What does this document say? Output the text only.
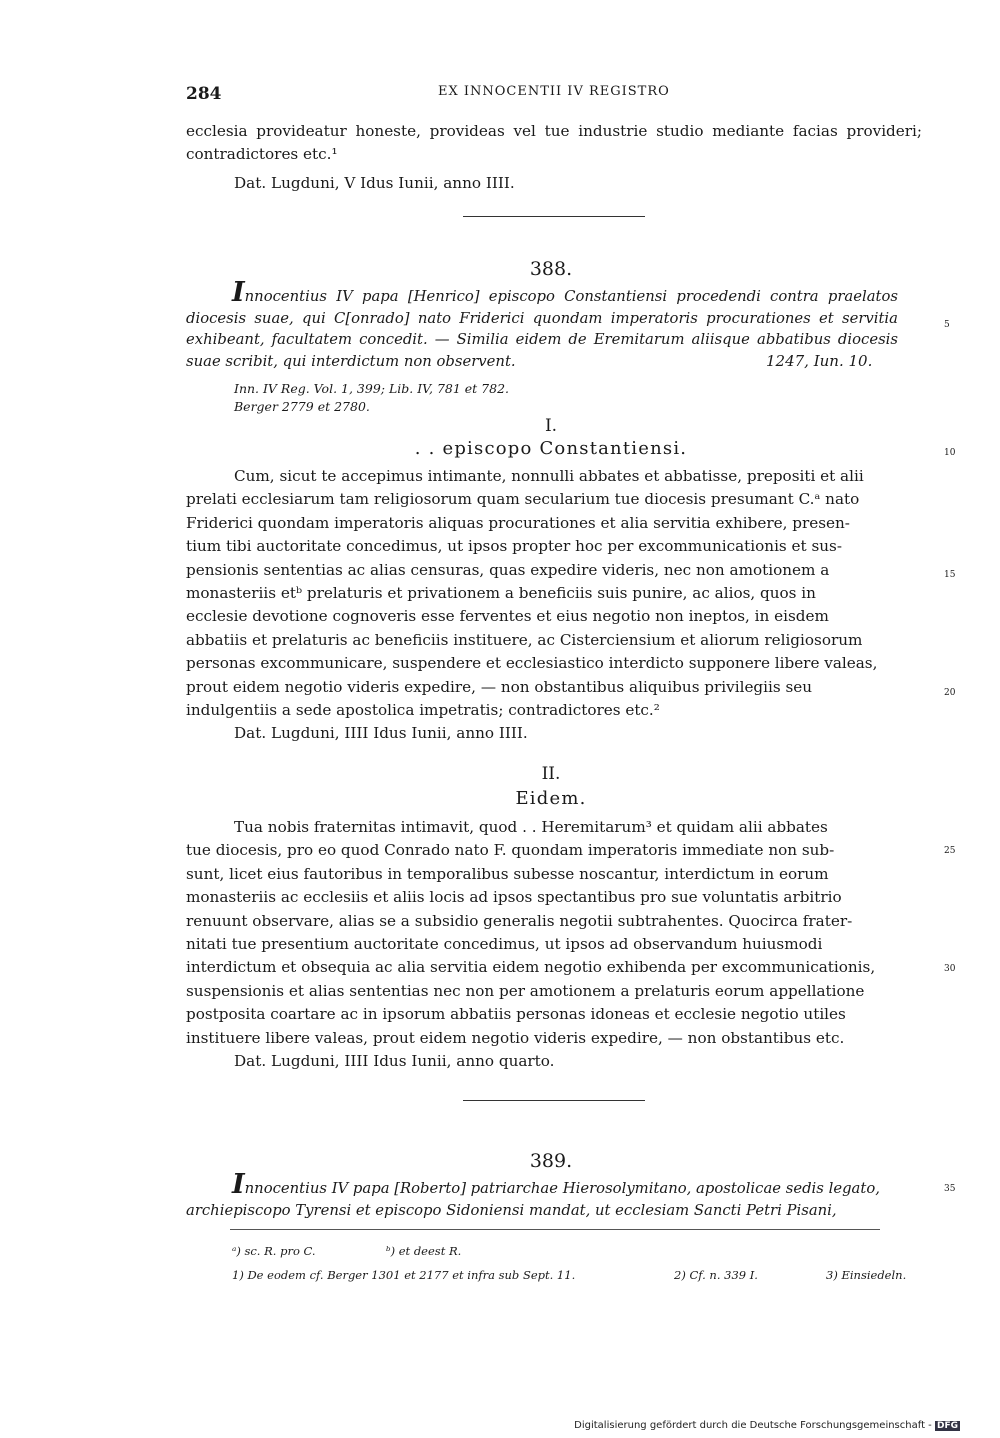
284	EX INNOCENTII IV REGISTRO
ecclesia provideatur honeste, provideas vel tue industrie studio mediante facias provideri; contradictores etc.¹
Dat. Lugduni, V Idus Iunii, anno IIII.
388.
Innocentius IV papa [Henrico] episcopo Constantiensi procedendi contra praelatos diocesis suae, qui C[onrado] nato Friderici quondam imperatoris procurationes et servitia exhibeant, facultatem concedit. — Similia eidem de Eremitarum aliisque abbatibus diocesis suae scribit, qui interdictum non observent.	1247, Iun. 10.
Inn. IV Reg. Vol. 1, 399; Lib. IV, 781 et 782.
Berger 2779 et 2780.
I.
. . episcopo Constantiensi.
Cum, sicut te accepimus intimante, nonnulli abbates et abbatisse, prepositi et alii
prelati ecclesiarum tam religiosorum quam secularium tue diocesis presumant C.ᵃ nato
Friderici quondam imperatoris aliquas procurationes et alia servitia exhibere, presen-
tium tibi auctoritate concedimus, ut ipsos propter hoc per excommunicationis et sus-
pensionis sententias ac alias censuras, quas expedire videris, nec non amotionem a
monasteriis etᵇ prelaturis et privationem a beneficiis suis punire, ac alios, quos in
ecclesie devotione cognoveris esse ferventes et eius negotio non ineptos, in eisdem
abbatiis et prelaturis ac beneficiis instituere, ac Cisterciensium et aliorum religiosorum
personas excommunicare, suspendere et ecclesiastico interdicto supponere libere valeas,
prout eidem negotio videris expedire, — non obstantibus aliquibus privilegiis seu
indulgentiis a sede apostolica impetratis; contradictores etc.²
Dat. Lugduni, IIII Idus Iunii, anno IIII.
II.
Eidem.
Tua nobis fraternitas intimavit, quod . . Heremitarum³ et quidam alii abbates
tue diocesis, pro eo quod Conrado nato F. quondam imperatoris immediate non sub-
sunt, licet eius fautoribus in temporalibus subesse noscantur, interdictum in eorum
monasteriis ac ecclesiis et aliis locis ad ipsos spectantibus pro sue voluntatis arbitrio
renuunt observare, alias se a subsidio generalis negotii subtrahentes. Quocirca frater-
nitati tue presentium auctoritate concedimus, ut ipsos ad observandum huiusmodi
interdictum et obsequia ac alia servitia eidem negotio exhibenda per excommunicationis,
suspensionis et alias sententias nec non per amotionem a prelaturis eorum appellatione
postposita coartare ac in ipsorum abbatiis personas idoneas et ecclesie negotio utiles
instituere libere valeas, prout eidem negotio videris expedire, — non obstantibus etc.
Dat. Lugduni, IIII Idus Iunii, anno quarto.
389.
Innocentius IV papa [Roberto] patriarchae Hierosolymitano, apostolicae sedis legato,
archiepiscopo Tyrensi et episcopo Sidoniensi mandat, ut ecclesiam Sancti Petri Pisani,
5
10
15
20
25
30
35
ᵃ) sc. R. pro C.	ᵇ) et deest R.
1) De eodem cf. Berger 1301 et 2177 et infra sub Sept. 11.	2) Cf. n. 339 I.	3) Einsiedeln.
Digitalisierung gefördert durch die Deutsche Forschungsgemeinschaft - DFG
